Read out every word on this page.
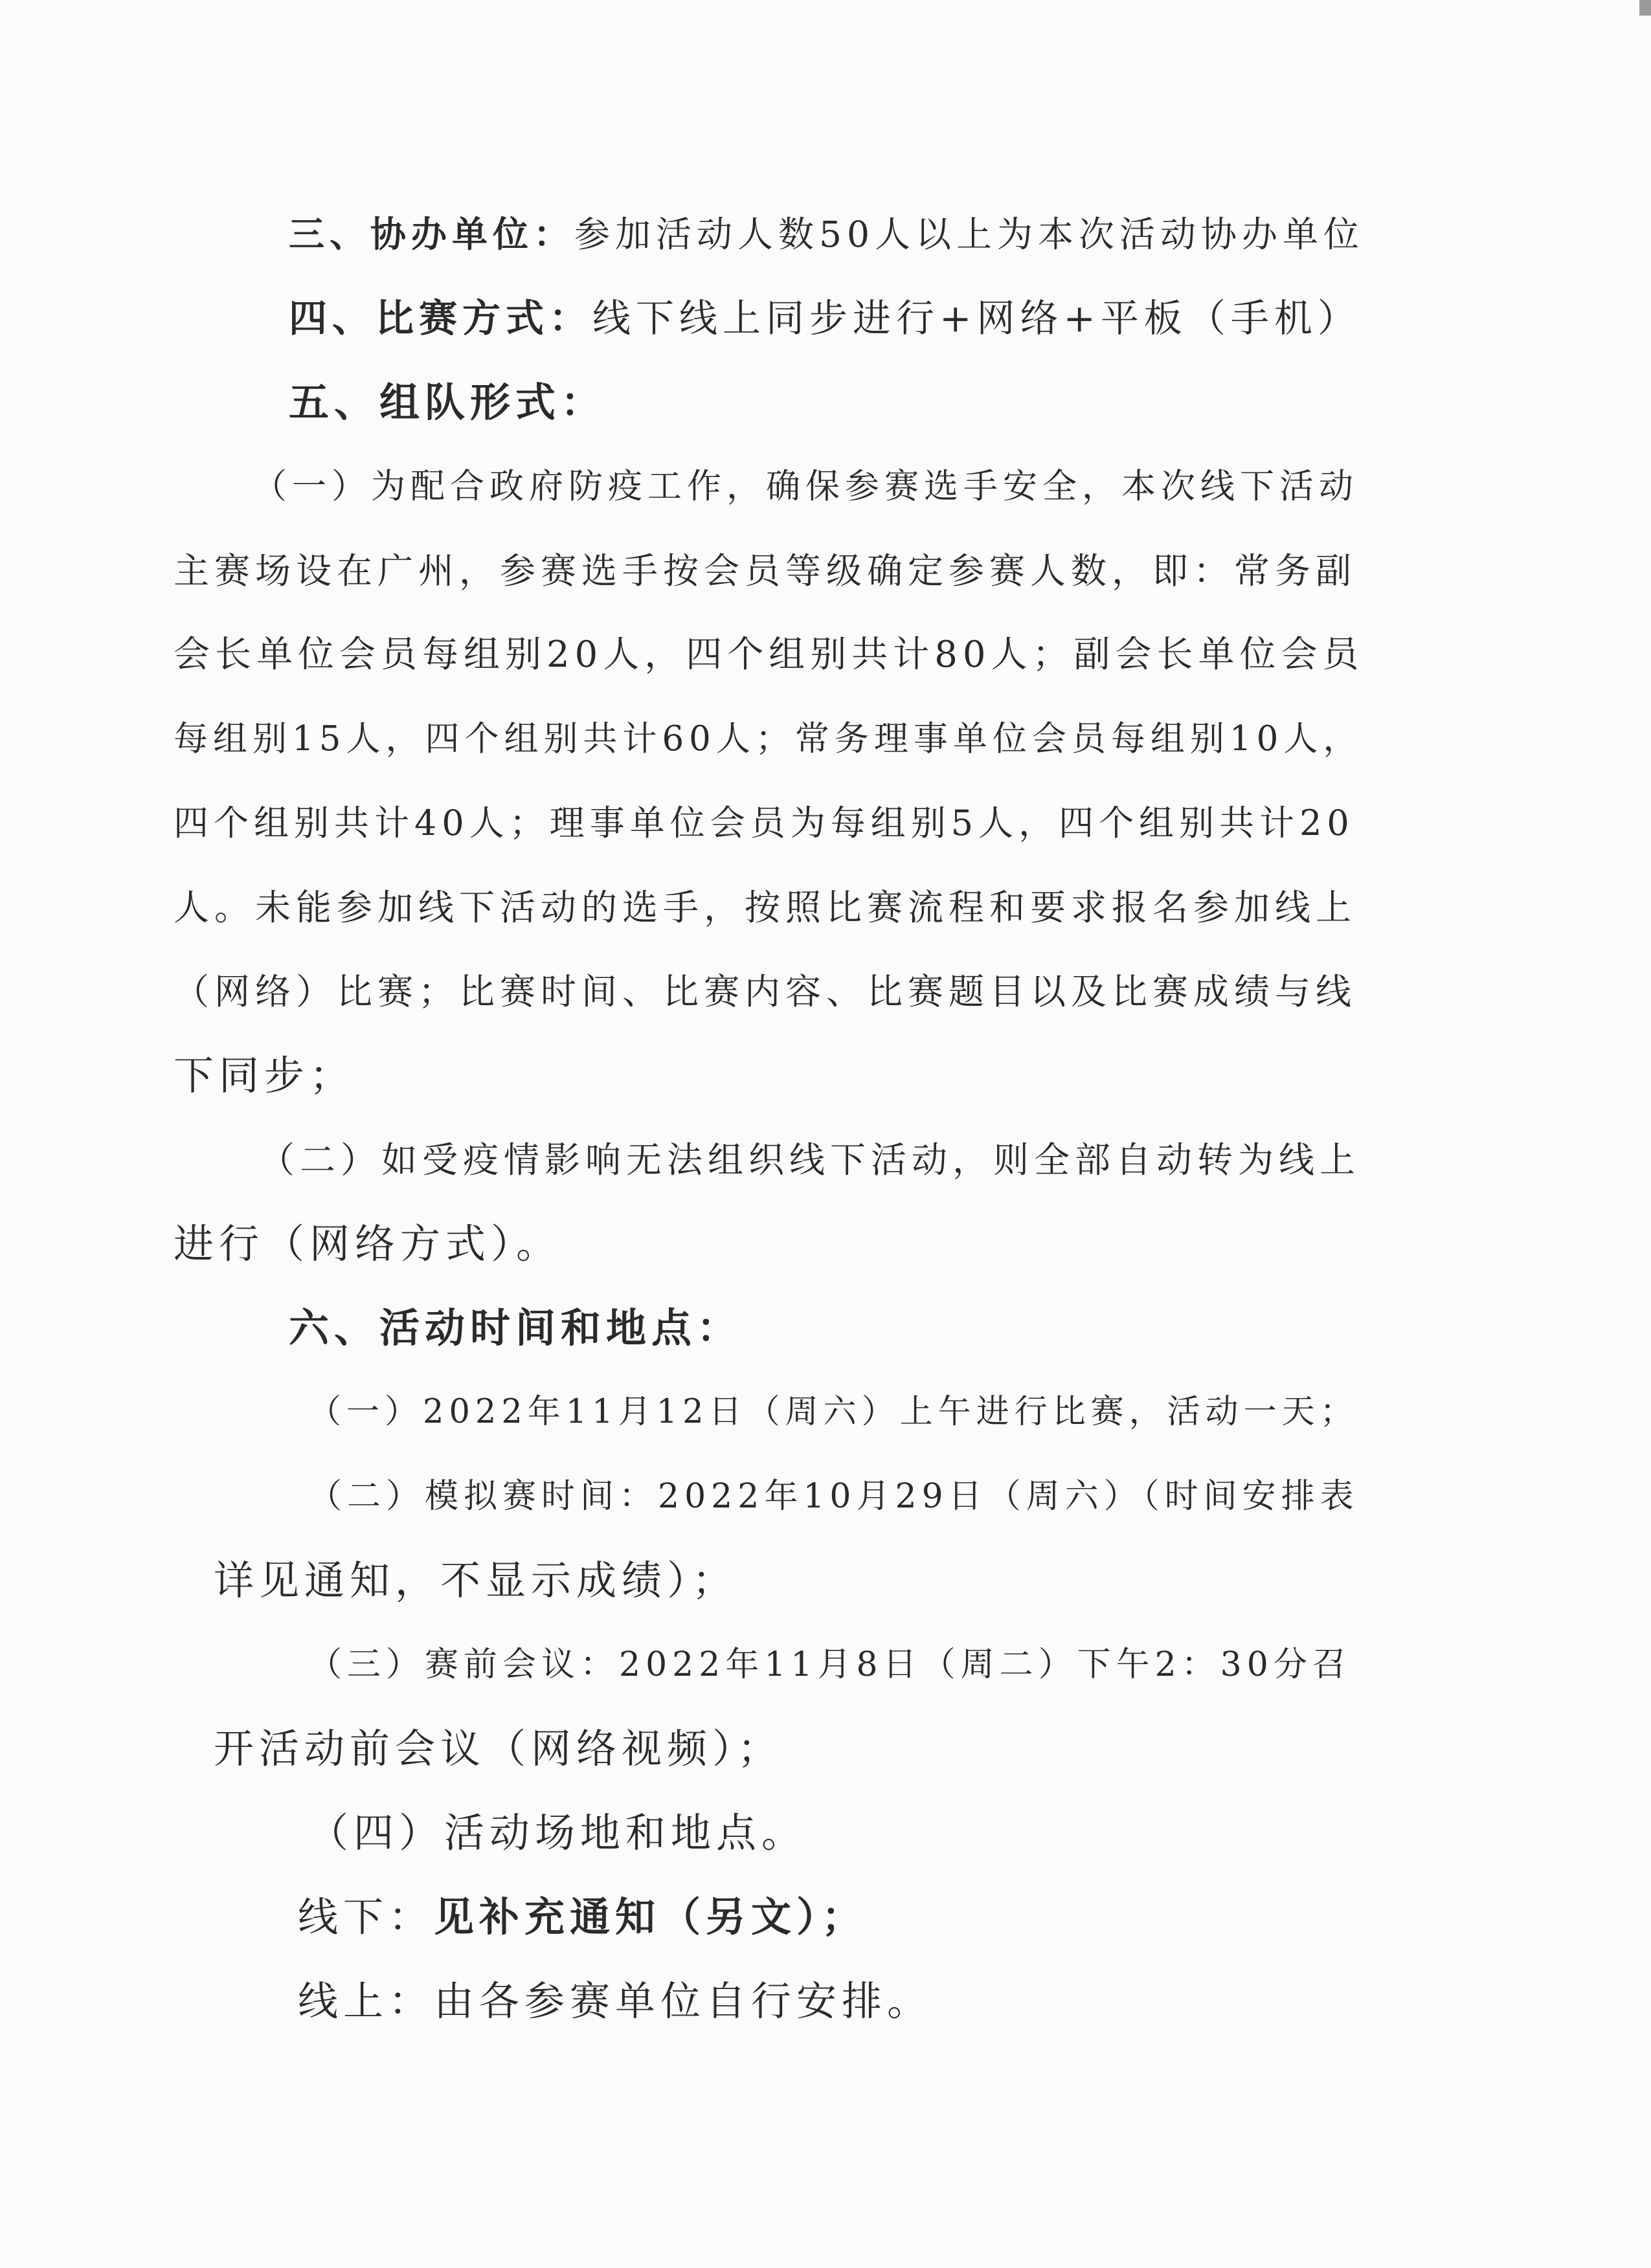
三、协办单位：参加活动人数50人以上为本次活动协办单位
四、比赛方式：线下线上同步进行+网络+平板（手机）
五、组队形式：
（一）为配合政府防疫工作，确保参赛选手安全，本次线下活动
主赛场设在广州，参赛选手按会员等级确定参赛人数，即：常务副
会长单位会员每组别20人，四个组别共计80人；副会长单位会员
每组别15人，四个组别共计60人；常务理事单位会员每组别10人，
四个组别共计40人；理事单位会员为每组别5人，四个组别共计20
人。未能参加线下活动的选手，按照比赛流程和要求报名参加线上
（网络）比赛；比赛时间、比赛内容、比赛题目以及比赛成绩与线
下同步；
（二）如受疫情影响无法组织线下活动，则全部自动转为线上
进行（网络方式）。
六、活动时间和地点：
（一）2022年11月12日（周六）上午进行比赛，活动一天；
（二）模拟赛时间：2022年10月29日（周六）（时间安排表
详见通知，不显示成绩）；
（三）赛前会议：2022年11月8日（周二）下午2：30分召
开活动前会议（网络视频）；
（四）活动场地和地点。
线下：见补充通知（另文）；
线上：由各参赛单位自行安排。
